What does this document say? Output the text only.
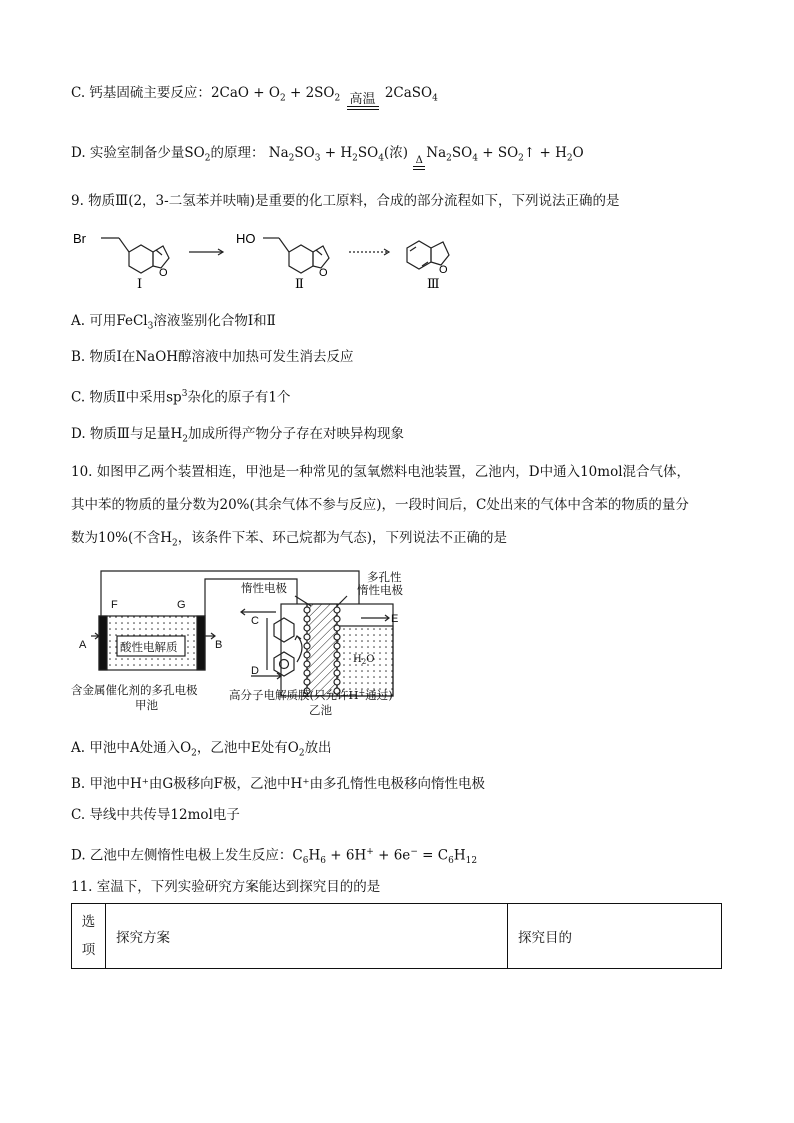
C. 钙基固硫主要反应：$2CaO + O_2 + 2SO_2$ 高温 2CaSO$_4$
D. 实验室制备少量$SO_2$的原理： $Na_2SO_3 + H_2SO_4$(浓) Δ $Na_2SO_4$ + $SO_2↑ + H_2O$
9. 物质Ⅲ(2，3-二氢苯并呋喃)是重要的化工原料，合成的部分流程如下，下列说法正确的是
Br	HO
O	O	O
Ⅰ	Ⅱ	Ⅲ
A. 可用FeCl$_3$溶液鉴别化合物Ⅰ和Ⅱ
B. 物质Ⅰ在NaOH醇溶液中加热可发生消去反应
C. 物质Ⅱ中采用$sp^3$杂化的原子有1个
D. 物质Ⅲ与足量$H_2$加成所得产物分子存在对映异构现象
10. 如图甲乙两个装置相连，甲池是一种常见的氢氧燃料电池装置，乙池内，D中通入10mol混合气体，
其中苯的物质的量分数为20%(其余气体不参与反应)，一段时间后，C处出来的气体中含苯的物质的量分
数为10%(不含$H_2$，该条件下苯、环己烷都为气态)，下列说法不正确的是
F	G
A	B
C
D
E
酸性电解质
惰性电极
多孔性
惰性电极
$H_2O$
含金属催化剂的多孔电极
甲池
高分子电解质膜(只允许H+通过)
乙池
A. 甲池中A处通入$O_2$，乙池中E处有$O_2$放出
B. 甲池中H⁺由G极移向F极，乙池中H⁺由多孔惰性电极移向惰性电极
C. 导线中共传导12mol电子
D. 乙池中左侧惰性电极上发生反应：$C_6H_6 + 6H^+ + 6e^- = C_6H_{12}$
11. 室温下，下列实验研究方案能达到探究目的的是
选
项	探究方案	探究目的
